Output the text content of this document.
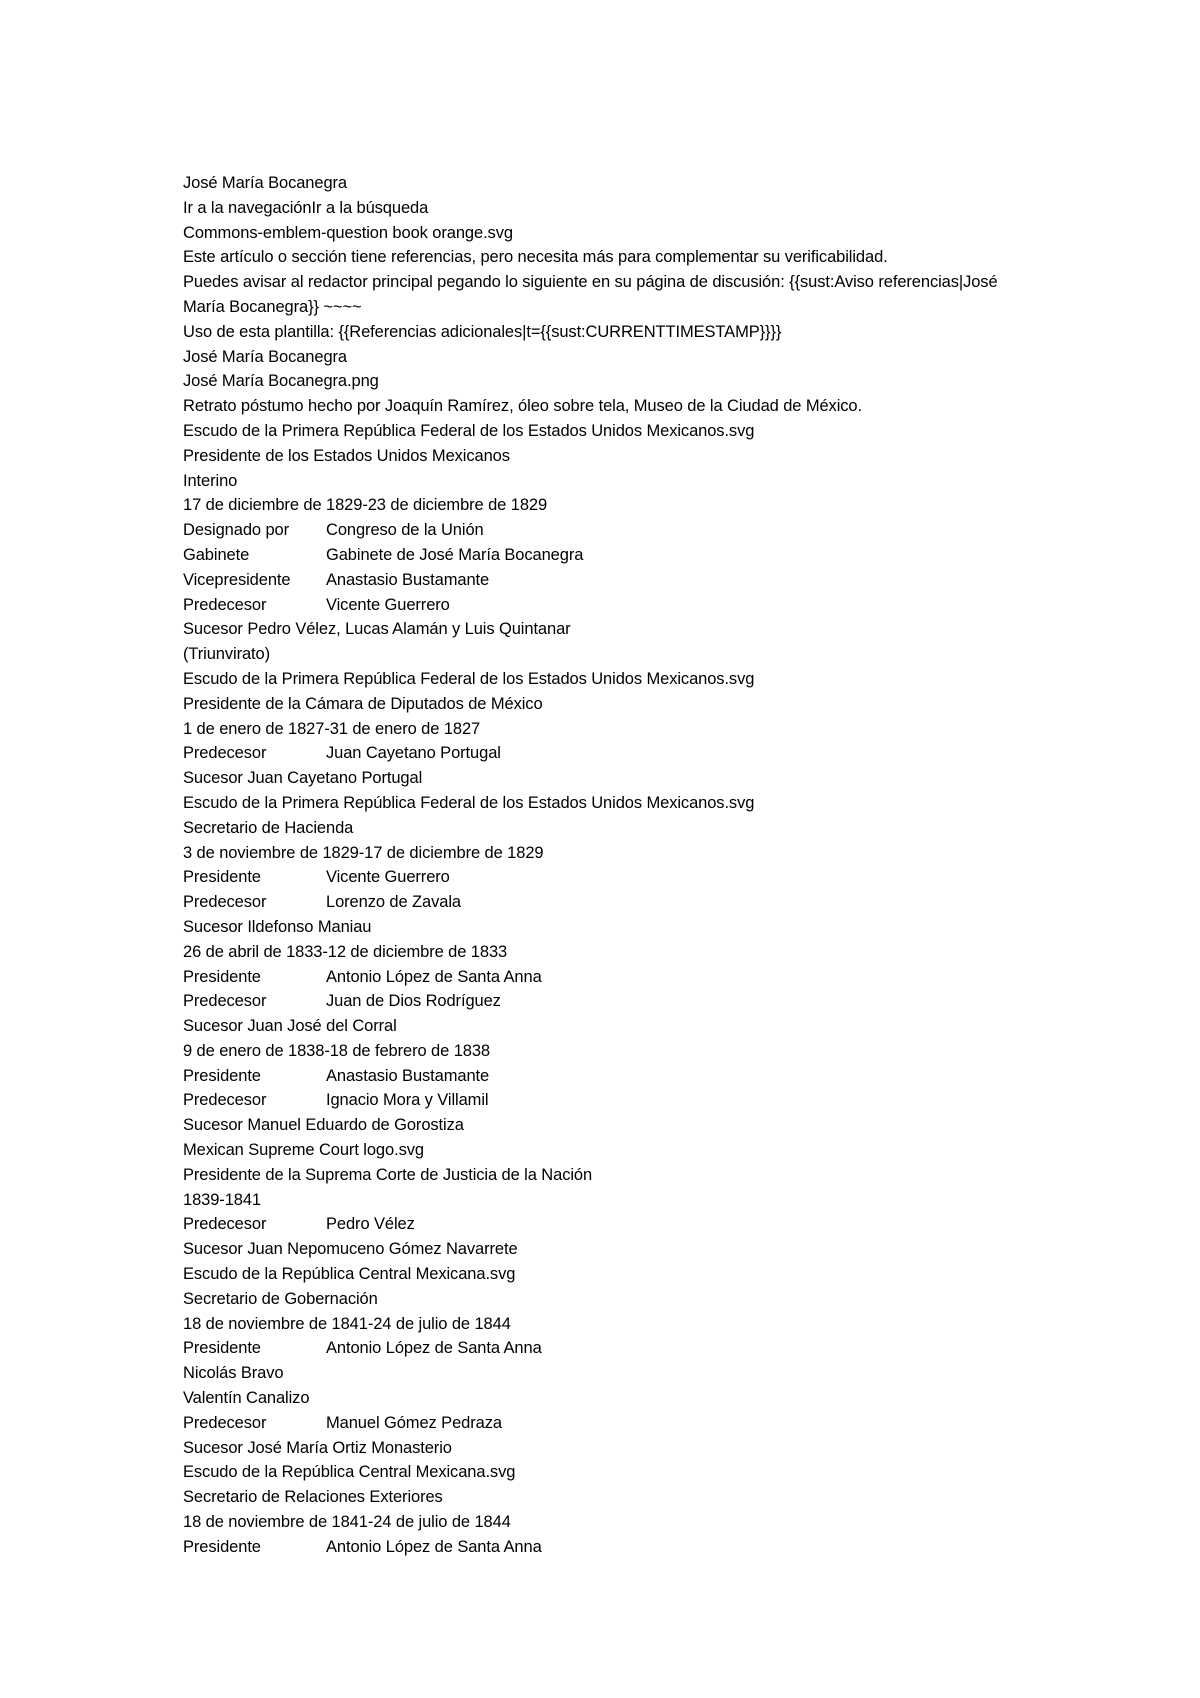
José María Bocanegra
Ir a la navegaciónIr a la búsqueda
Commons-emblem-question book orange.svg
Este artículo o sección tiene referencias, pero necesita más para complementar su verificabilidad.
Puedes avisar al redactor principal pegando lo siguiente en su página de discusión: {{sust:Aviso referencias|José María Bocanegra}} ~~~~
Uso de esta plantilla: {{Referencias adicionales|t={{sust:CURRENTTIMESTAMP}}}}
José María Bocanegra
José María Bocanegra.png
Retrato póstumo hecho por Joaquín Ramírez, óleo sobre tela, Museo de la Ciudad de México.
Escudo de la Primera República Federal de los Estados Unidos Mexicanos.svg
Presidente de los Estados Unidos Mexicanos
Interino
17 de diciembre de 1829-23 de diciembre de 1829
Designado por	Congreso de la Unión
Gabinete	Gabinete de José María Bocanegra
Vicepresidente	Anastasio Bustamante
Predecesor	Vicente Guerrero
Sucesor Pedro Vélez, Lucas Alamán y Luis Quintanar
(Triunvirato)
Escudo de la Primera República Federal de los Estados Unidos Mexicanos.svg
Presidente de la Cámara de Diputados de México
1 de enero de 1827-31 de enero de 1827
Predecesor	Juan Cayetano Portugal
Sucesor Juan Cayetano Portugal
Escudo de la Primera República Federal de los Estados Unidos Mexicanos.svg
Secretario de Hacienda
3 de noviembre de 1829-17 de diciembre de 1829
Presidente	Vicente Guerrero
Predecesor	Lorenzo de Zavala
Sucesor Ildefonso Maniau
26 de abril de 1833-12 de diciembre de 1833
Presidente	Antonio López de Santa Anna
Predecesor	Juan de Dios Rodríguez
Sucesor Juan José del Corral
9 de enero de 1838-18 de febrero de 1838
Presidente	Anastasio Bustamante
Predecesor	Ignacio Mora y Villamil
Sucesor Manuel Eduardo de Gorostiza
Mexican Supreme Court logo.svg
Presidente de la Suprema Corte de Justicia de la Nación
1839-1841
Predecesor	Pedro Vélez
Sucesor Juan Nepomuceno Gómez Navarrete
Escudo de la República Central Mexicana.svg
Secretario de Gobernación
18 de noviembre de 1841-24 de julio de 1844
Presidente	Antonio López de Santa Anna
Nicolás Bravo
Valentín Canalizo
Predecesor	Manuel Gómez Pedraza
Sucesor José María Ortiz Monasterio
Escudo de la República Central Mexicana.svg
Secretario de Relaciones Exteriores
18 de noviembre de 1841-24 de julio de 1844
Presidente	Antonio López de Santa Anna
